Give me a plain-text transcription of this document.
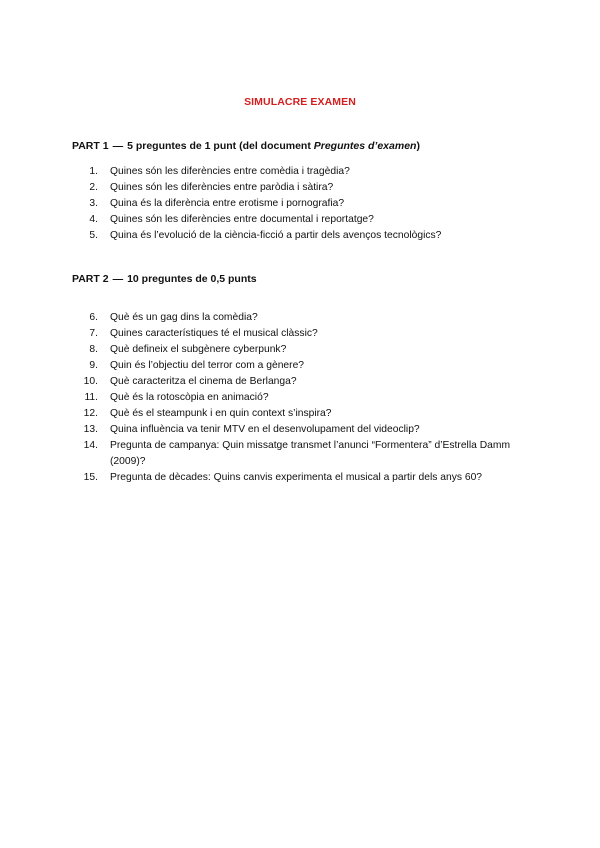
SIMULACRE EXAMEN
PART 1 — 5 preguntes de 1 punt (del document Preguntes d’examen)
1. Quines són les diferències entre comèdia i tragèdia?
2. Quines són les diferències entre paròdia i sàtira?
3. Quina és la diferència entre erotisme i pornografia?
4. Quines són les diferències entre documental i reportatge?
5. Quina és l’evolució de la ciència-ficció a partir dels avenços tecnològics?
PART 2 — 10 preguntes de 0,5 punts
6. Què és un gag dins la comèdia?
7. Quines característiques té el musical clàssic?
8. Què defineix el subgènere cyberpunk?
9. Quin és l’objectiu del terror com a gènere?
10. Què caracteritza el cinema de Berlanga?
11. Què és la rotoscòpia en animació?
12. Què és el steampunk i en quin context s’inspira?
13. Quina influència va tenir MTV en el desenvolupament del videoclip?
14. Pregunta de campanya: Quin missatge transmet l’anunci “Formentera” d’Estrella Damm (2009)?
15. Pregunta de dècades: Quins canvis experimenta el musical a partir dels anys 60?
